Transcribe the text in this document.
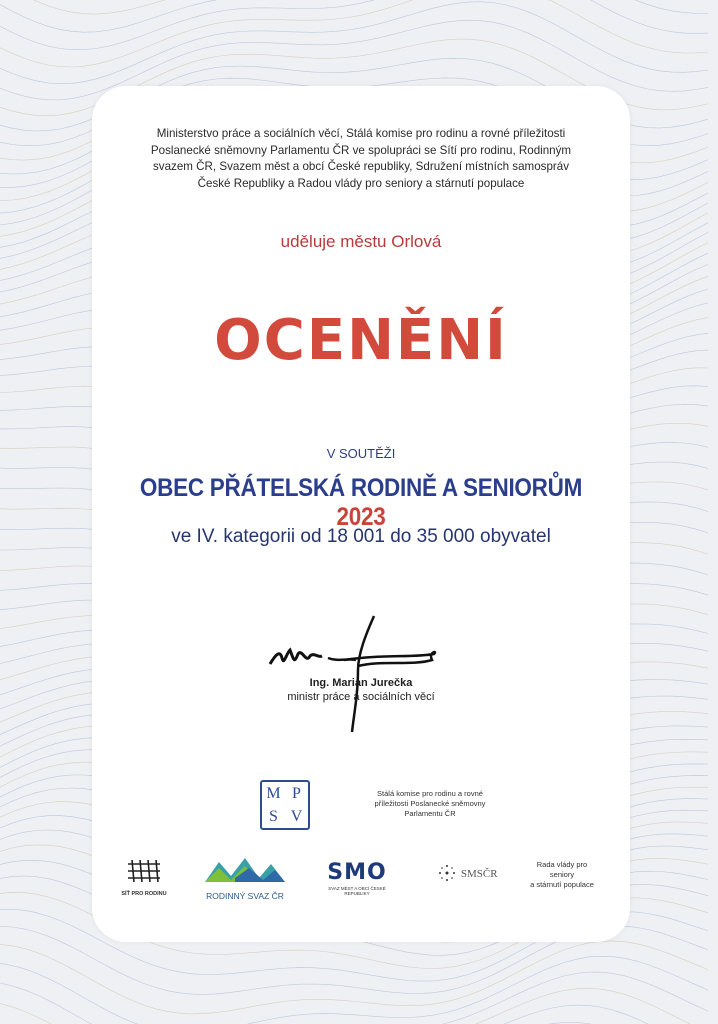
Ministerstvo práce a sociálních věcí, Stálá komise pro rodinu a rovné příležitosti
Poslanecké sněmovny Parlamentu ČR ve spolupráci se Sítí pro rodinu, Rodinným
svazem ČR, Svazem měst a obcí České republiky, Sdružení místních samospráv
České Republiky a Radou vlády pro seniory a stárnutí populace
uděluje městu Orlová
OCENĚNÍ
V SOUTĚŽI
OBEC PŘÁTELSKÁ RODINĚ A SENIORŮM 2023
ve IV. kategorii od 18 001 do 35 000 obyvatel
Ing. Marian Jurečka
ministr práce a sociálních věcí
M P
S V
Stálá komise pro rodinu a rovné
příležitosti Poslanecké sněmovny
Parlamentu ČR
SÍŤ PRO RODINU	RODINNÝ SVAZ ČR
SMO
SVAZ MĚST A OBCÍ ČESKÉ REPUBLIKY
SMSČR
Rada vlády pro
seniory
a stárnutí populace
